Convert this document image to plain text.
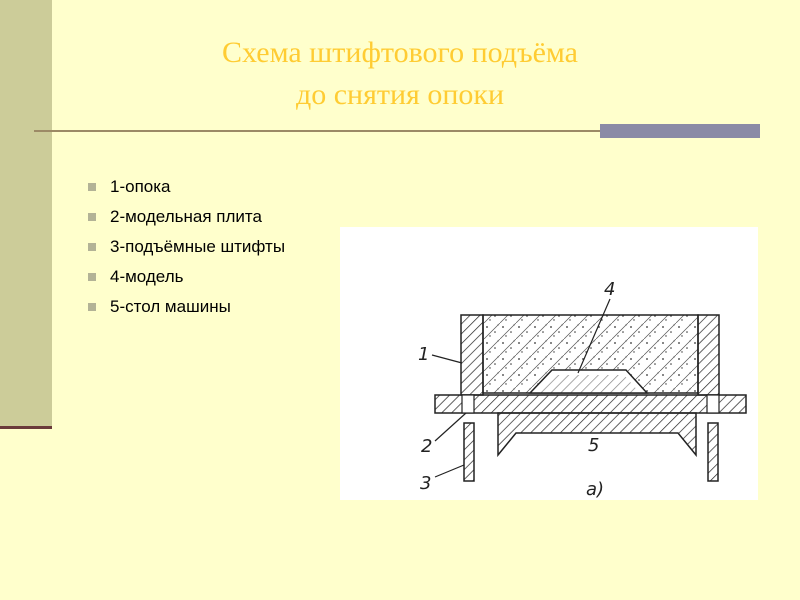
Схема штифтового подъёма
до снятия опоки
1-опока
2-модельная плита
3-подъёмные штифты
4-модель
5-стол машины
1
2
3
4
5
а)
